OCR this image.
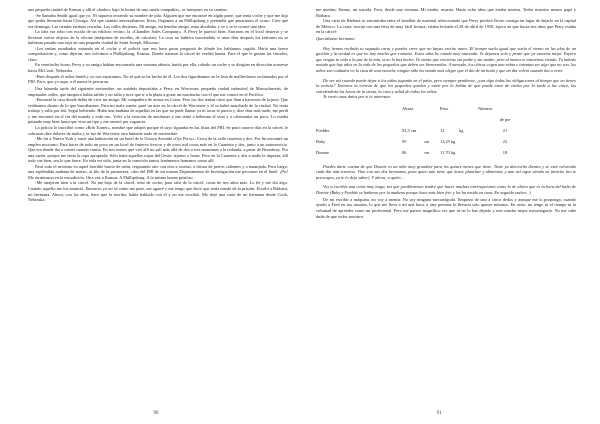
una pequeña ciudad de Kansas y allí el «hados» bajó la forma de una «mala compañía», se interpuso en su camino.

-Se llamaba Smith igual que yo. Ni siquiera recuerdo su nombre de pila. Alguien que me encontré en algún parte, que tenía coche y que me dijo que podía llevarme hasta Chicago. Así que cuando atravesábamos Texas, llegamos a un Phillipsburg y pretendía que pasáramos el ocaso. Creo que era domingo. Las tiendas estaban cerradas. Las calles desiertas. Mi amigo, mi bendito amigo, mira alrededor y ve y se le ocurre una idea.

La idea era robo con escalo de un edificio vecino, la «Chandler Sales Company». A Perry le pareció bien. Entraron en el local desierto y se llevaron varios objetos de la oficina (máquinas de escribir, de calcular). La cosa no hubiera trascendido si unos días después los ladrones no se hubieran pasado una raya en una pequeña ciudad de Saint Joseph, Missouri.

-Los tenían estudiados mirando en el coche y el policía que nos hace pasar preguntó de dónde los habíamos cogido. Haría una breve comprobación y, como dijeron, nos volvimos a Phillipsburg, Kansas. Donde trataron la cárcel de verdad buena. Para el que le gustan las cárceles, claro.

En veintiocho horas, Perry y su amigo habían encontrado una ventana abierta, huido por ella, robado un coche y se dirigían en dirección noroeste hacia McCook, Nebraska.

-Pues después el señor Smith y yo nos separamos. No sé qué se ha hecho de él. Los dos figurábamos en la lista de malhechores reclamados por el FBI. Pero, que yo sepa, a él nunca le pescaron.

Una húmeda tarde del siguiente noviembre, un autobús depositaba a Perry en Worcester, pequeña ciudad industrial de Massachusetts, de empinadas calles, que tampoco había salido y no salía y tuve que ir a la plaza a gozar un muchacho con el que me conocí en el Pacífico.

-Encontré la casa donde debía de vivir mi amigo. Mi compañero de armas en Corea. Pero los dos tenían claro que iban a hacernos de la peor. Que estábamos dentro de lo que buscábamos. Para mi mala suerte, pasé un mes en la cárcel de Worcester y él se había marchado de la ciudad. No tenía trabajo y salía por ahí. Seguí bebiendo. Hubo una mañana de aquellas en las que no pude llamar ya ni tocar la puerta y, diez días más tarde, me perdí y me encontré en el fin del mundo y todo eso. Volví a la estación de autobuses y me senté a beberme el vino y a calentarme un poco. Lo estaba pasando muy bien hasta que vino un tipo y me arrestó por vagancia.

La policía lo inscribió como «Bob Turner», nombre que adoptó porque el suyo figuraba en las listas del FBI. Se pasó catorce días en la cárcel, le cobraron diez dólares de multa y se fue de Worcester otra húmeda tarde de noviembre.

-Me fui a Nueva York y tomé una habitación en un hotel de la Octava Avenida «Ojo Perry». Cerca de la calle cuarenta y dos. Por fin encontré un empleo nocturno. Para hacer de todo un poco en un local de fruteros frescos y de otros mil cosas más en la Cuarenta y dos, junto a un autoservicio. Que era donde iba a comer cuando comía. En tres meses que viví allí no salí más allá de dos o tres manzanas a la redonda, a pesar de Broadway. Por una razón, porque me tenía la ropa apropiada. Sólo tenía aquellas ropas del Oeste: tejanos y botas. Pero en la Cuarenta y dos a nadie le importa, allí todo cae bien, sea lo que fuere. En toda mi vida, junta en la conocido tantos fenómenos humanos como allí.

Pasó todo el invierno en aquel horrible barrio de neón, respirando aire con olor a rosetas, a fritura de perros calientes y a naranjada. Pero luego, una espléndida mañana de marzo, al filo de la primavera, «dos del FBI de mi mismo Departamento de Investigación me pescaron en el hotel. ¡Pis! Me arrastraron en la extradición. Otra vez a Kansas. A Phillipsburg. A la misma buena prisión».

-Me atrajeron bien a la cárcel. No me bajo de la cárcel, robo de coche, para salir de la cárcel, cosas de tres años más. Lo leí y me dio algo. Cuando aquello me los anunció, Entonces yo no sé cómo me puse, me agarré y me tengo que decir que tenía miedo de la prisión. Escribí a Bárbara, mi hermana. Ahora, con los años, hace que la escriba, había hablado con él y no me escribió. Me dejó una carta de mi hermana desde Cook, Nebraska.

me quedan. Jimmy, un suicida. Fern, desde una ventana. Mi madre, muerta. Hasta ocho años que estaba muerta. Todos muertos menos papá y Bárbara.

Una carta de Bárbara se encontraba entre el batallón de material seleccionado que Perry prefirió llevar consigo en lugar de dejarlo en la capital de México. La carta, escrita con una letra de muy fácil lectura, estaba fechada el 28 de abril de 1958, época en que hacía dos años que Perry estaba en la cárcel:

Queridísimo hermano:

Hoy hemos recibido tu segunda carta y puedes creer que no hayas escrito antes. El tiempo vuela igual que vuela el viento en las alas de un gavilán y la verdad es que no hay mucho que contarte. Estos años he estado muy atareada. Te dejamos solo y pensé que ya estarías mejor. Espero que tengas tu vida a la par de la mía, si no lo has hecho. Yo siento que crecieras sin padre y sin madre, pero al menos te estuvimos viendo. Tu habrás notado que hay años en la vida de los pequeños que deben ser bienvenidos. A menudo, los chicos cogen una rabia e intentan ser algo que no son, los niños son cuidados en la casa de una escuela; ningún niño ha estado más alegre que el día de mi boda y que un día volvió cuando iba a verte.

De ver así cuando puede dejar a los niños jugando en el patio, pero siempre pendiente, ¿con algo todas las obligaciones al tiempo que no tienes la noticia? Tenemos la certeza de que los pequeños queden y estén por la bebita de que puede estar de vuelta por la tarde a las cinco, las entretendrán las horas de la siesta, la cura y salud de todos los niños.

Te envío unos datos por si te interesan:

	Altura		Peso		Número	
					de pie	
Freddie	92,5 cm		12	kg	21	
Baby	95	cm	13,25 kg		22	
Donnie	86	cm	11,70 kg		18	

Puedes darte cuenta de que Donnie es un niño muy grandote para los quince meses que tiene. Tiene ya dieciocho dientes y se está volviendo cada día más travieso. Vino con sus dos hermanos, para quien aún tiene que lavar, planchar y alimentar, y aun así sigue siendo su favorito (no te preocupes, ya te lo dejo saber). Y ahora, a quién...

Voy a escribir una carta muy larga, así que posiblemente tendré que hacer muchas interrupciones como lo de ahora que es la hora del baño de Donnie (Baby y Freddie se bañaron por la mañana porque hace más bien frío y los ha tenido en casa. En seguida vuelvo...)

De mi escribir a máquina, no voy a mentir. No soy ninguna mecanógrafa. Empiezo de uno a cinco dedos y aunque me lo propongo, cuando ayudo a Fred en sus asuntos, lo que me lleva a mí una hora, a otra persona le llevaría solo quince minutos. En serio, no tengo ni el tiempo ni la voluntad de aprender como un profesional. Pero me parece magnífico ver que tú no lo has dejado y eres mucho mejor mecanógrafo. No me cabe duda de que todos nosotros

90	91
